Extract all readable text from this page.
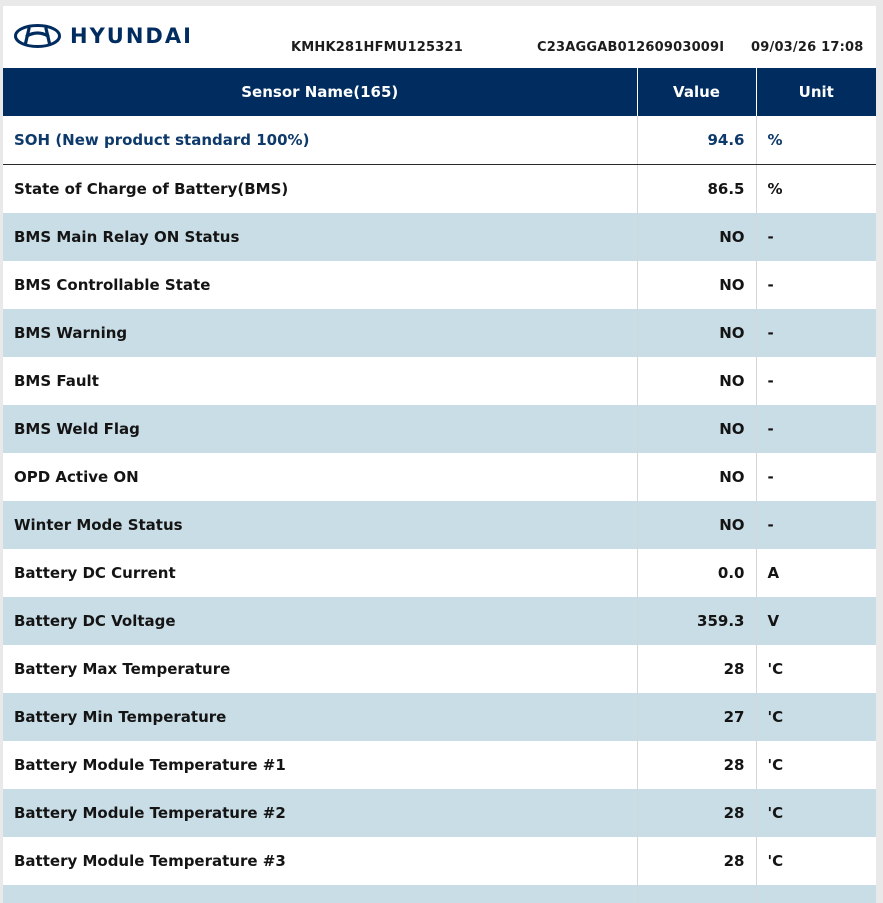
HYUNDAI	KMHK281HFMU125321	C23AGGAB01260903009I 09/03/26 17:08
Sensor Name(165)	Value	Unit
SOH (New product standard 100%)	94.6	%
State of Charge of Battery(BMS)	86.5	%
BMS Main Relay ON Status	NO	-
BMS Controllable State	NO	-
BMS Warning	NO	-
BMS Fault	NO	-
BMS Weld Flag	NO	-
OPD Active ON	NO	-
Winter Mode Status	NO	-
Battery DC Current	0.0	A
Battery DC Voltage	359.3	V
Battery Max Temperature	28	'C
Battery Min Temperature	27	'C
Battery Module Temperature #1	28	'C
Battery Module Temperature #2	28	'C
Battery Module Temperature #3	28	'C
